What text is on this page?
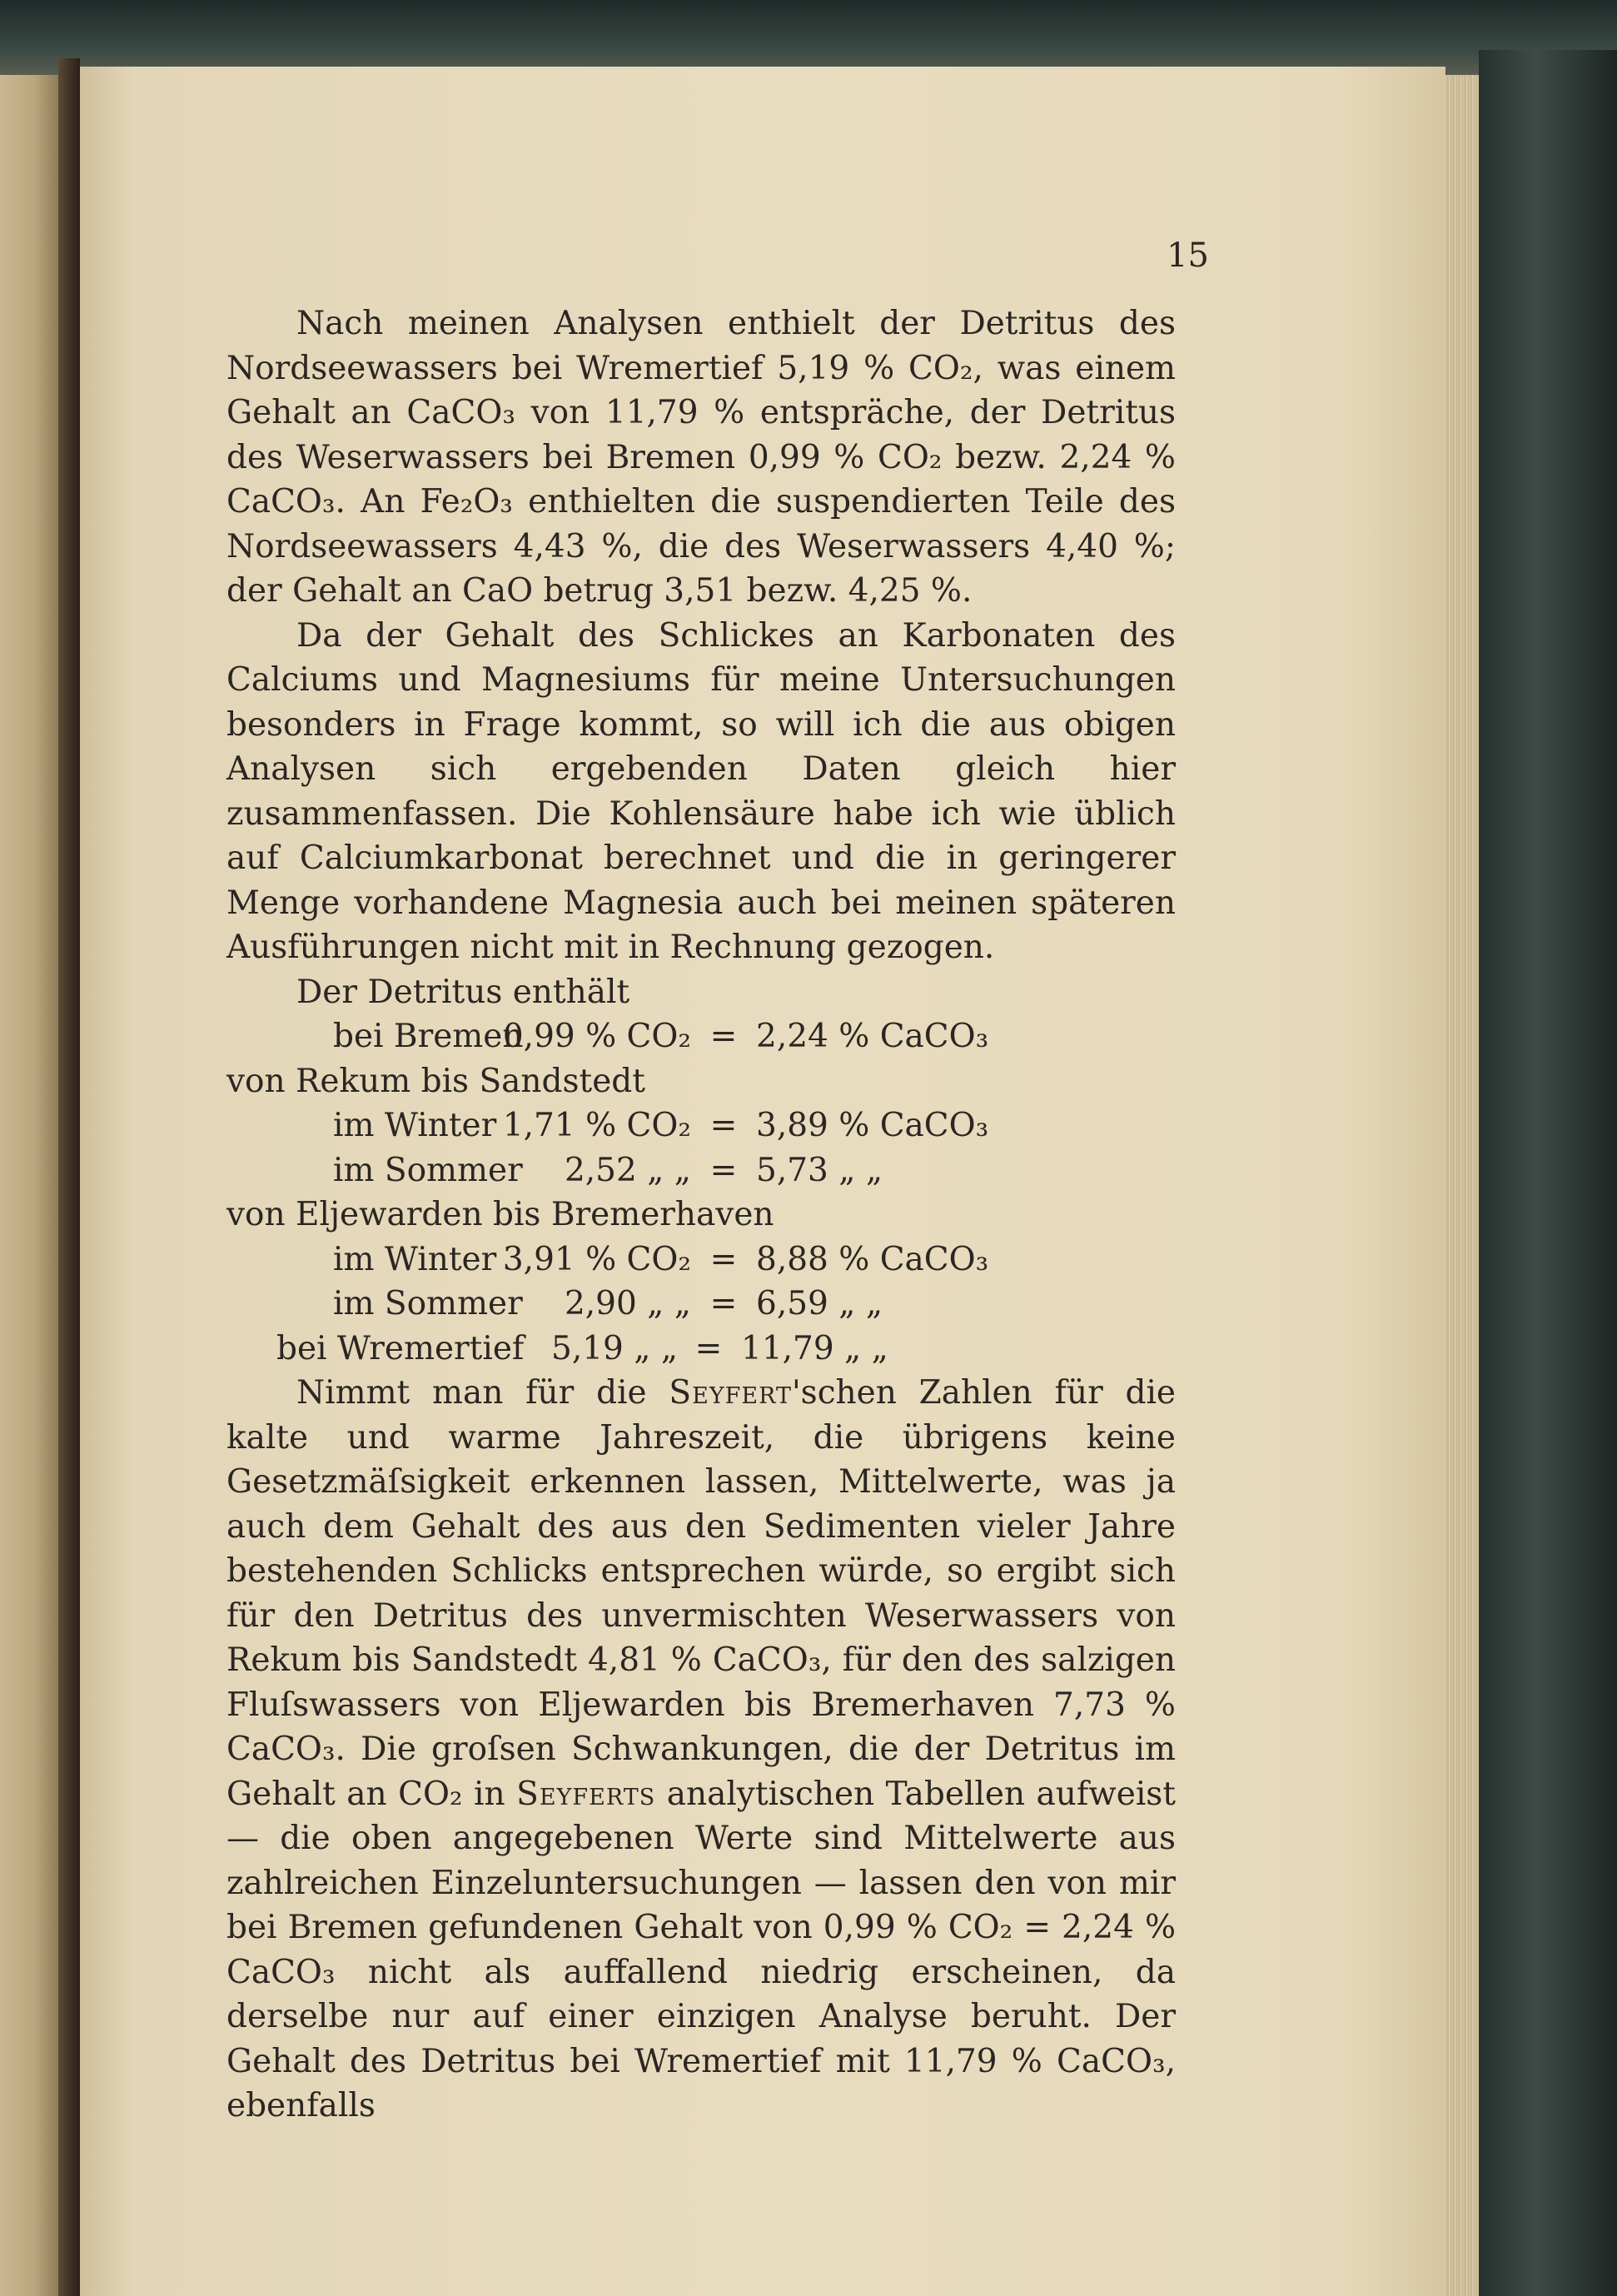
15

Nach meinen Analysen enthielt der Detritus des Nordseewassers bei Wremertief 5,19 % CO₂, was einem Gehalt an CaCO₃ von 11,79 % entspräche, der Detritus des Weserwassers bei Bremen 0,99 % CO₂ bezw. 2,24 % CaCO₃. An Fe₂O₃ enthielten die suspendierten Teile des Nordseewassers 4,43 %, die des Weserwassers 4,40 %; der Gehalt an CaO betrug 3,51 bezw. 4,25 %.

Da der Gehalt des Schlickes an Karbonaten des Calciums und Magnesiums für meine Untersuchungen besonders in Frage kommt, so will ich die aus obigen Analysen sich ergebenden Daten gleich hier zusammenfassen. Die Kohlensäure habe ich wie üblich auf Calciumkarbonat berechnet und die in geringerer Menge vorhandene Magnesia auch bei meinen späteren Ausführungen nicht mit in Rechnung gezogen.

Der Detritus enthält

bei Bremen
0,99 % CO₂ = 2,24 % CaCO₃
von Rekum bis Sandstedt
im Winter 1,71 % CO₂ = 3,89 % CaCO₃
im Sommer	2,52 „ „ = 5,73 „ „
von Eljewarden bis Bremerhaven
im Winter 3,91 % CO₂ = 8,88 % CaCO₃
im Sommer	2,90 „ „ = 6,59 „ „
bei Wremertief 5,19 „ „ = 11,79 „ „

Nimmt man für die Seyfert'schen Zahlen für die kalte und warme Jahreszeit, die übrigens keine Gesetzmäſsigkeit erkennen lassen, Mittelwerte, was ja auch dem Gehalt des aus den Sedimenten vieler Jahre bestehenden Schlicks entsprechen würde, so ergibt sich für den Detritus des unvermischten Weserwassers von Rekum bis Sandstedt 4,81 % CaCO₃, für den des salzigen Fluſswassers von Eljewarden bis Bremerhaven 7,73 % CaCO₃. Die groſsen Schwankungen, die der Detritus im Gehalt an CO₂ in Seyferts analytischen Tabellen aufweist — die oben angegebenen Werte sind Mittelwerte aus zahlreichen Einzeluntersuchungen — lassen den von mir bei Bremen gefundenen Gehalt von 0,99 % CO₂ = 2,24 % CaCO₃ nicht als auffallend niedrig erscheinen, da derselbe nur auf einer einzigen Analyse beruht. Der Gehalt des Detritus bei Wremertief mit 11,79 % CaCO₃, ebenfalls
